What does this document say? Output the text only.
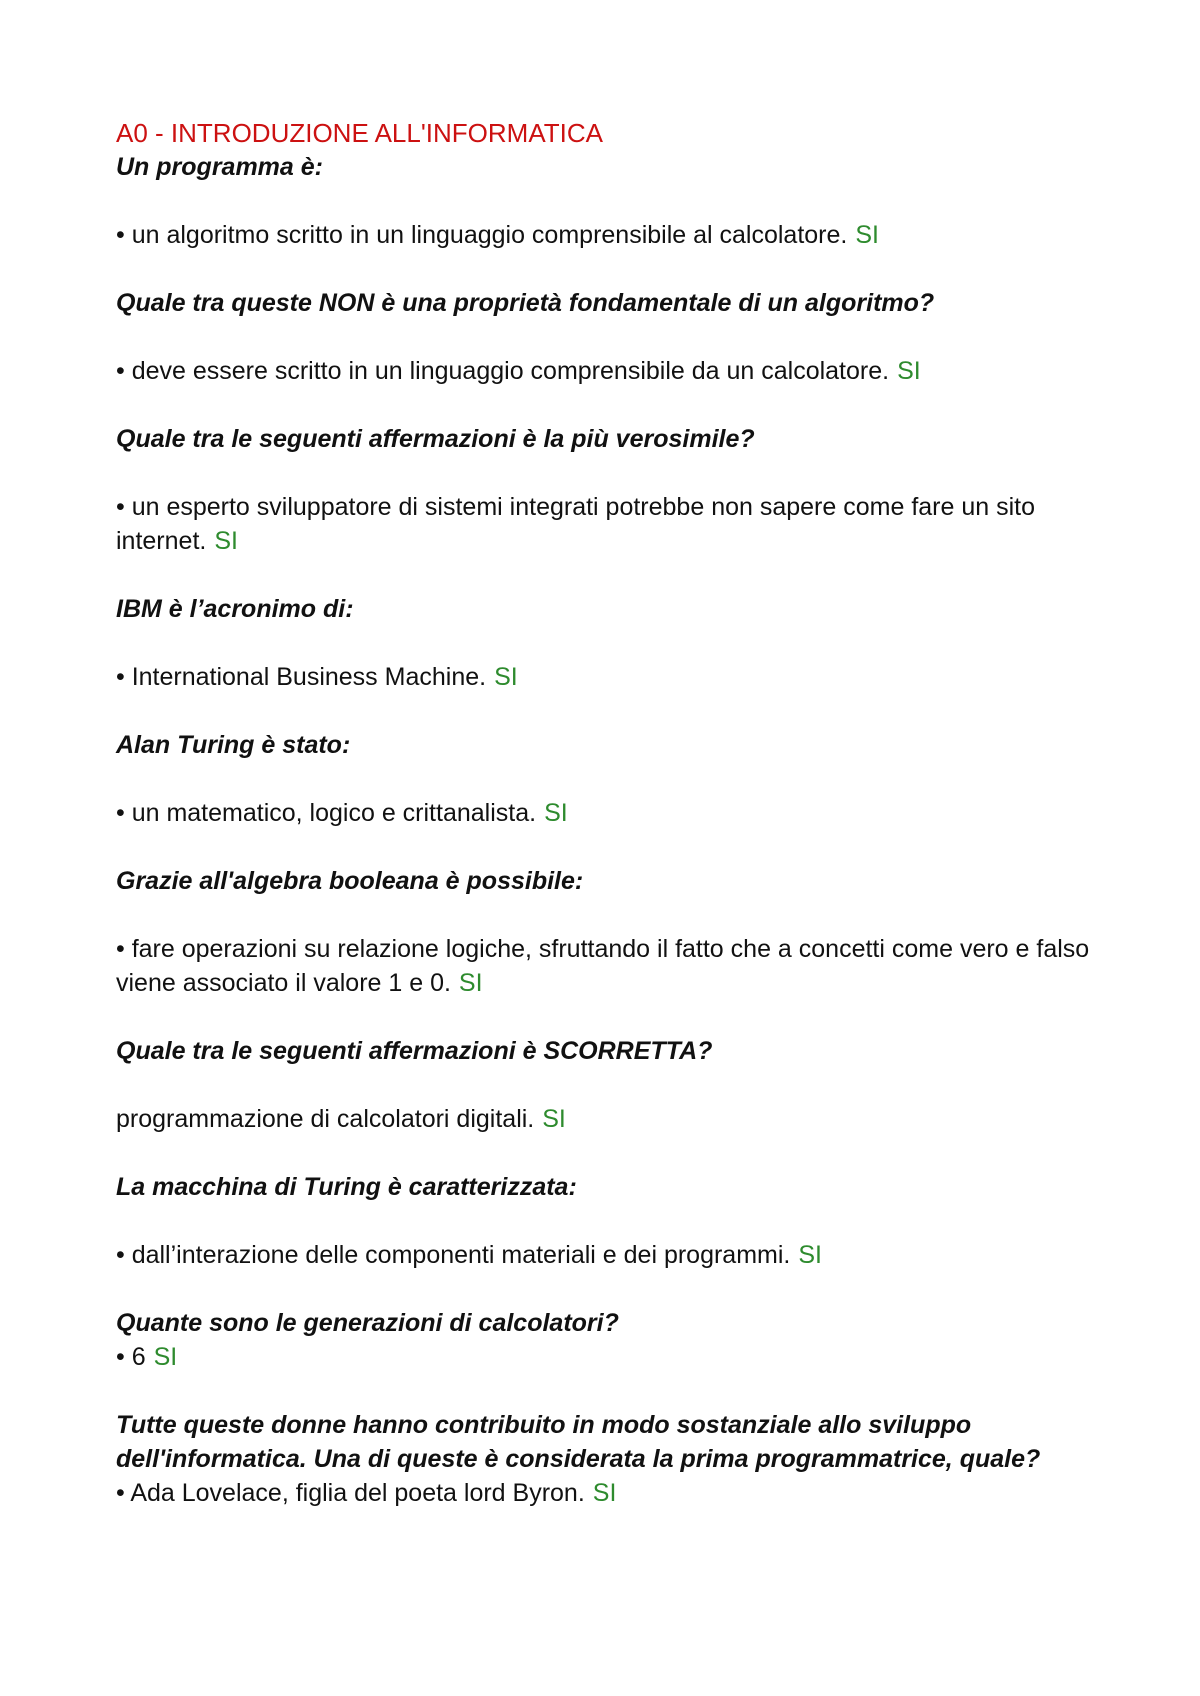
A0 - INTRODUZIONE ALL'INFORMATICA

Un programma è:

• un algoritmo scritto in un linguaggio comprensibile al calcolatore. SI

Quale tra queste NON è una proprietà fondamentale di un algoritmo?

• deve essere scritto in un linguaggio comprensibile da un calcolatore. SI

Quale tra le seguenti affermazioni è la più verosimile?

• un esperto sviluppatore di sistemi integrati potrebbe non sapere come fare un sito internet. SI

IBM è l’acronimo di:

• International Business Machine. SI

Alan Turing è stato:

• un matematico, logico e crittanalista. SI

Grazie all'algebra booleana è possibile:

• fare operazioni su relazione logiche, sfruttando il fatto che a concetti come vero e falso viene associato il valore 1 e 0. SI

Quale tra le seguenti affermazioni è SCORRETTA?

programmazione di calcolatori digitali. SI

La macchina di Turing è caratterizzata:

• dall’interazione delle componenti materiali e dei programmi. SI

Quante sono le generazioni di calcolatori?

• 6 SI

Tutte queste donne hanno contribuito in modo sostanziale allo sviluppo dell'informatica. Una di queste è considerata la prima programmatrice, quale?

• Ada Lovelace, figlia del poeta lord Byron. SI
